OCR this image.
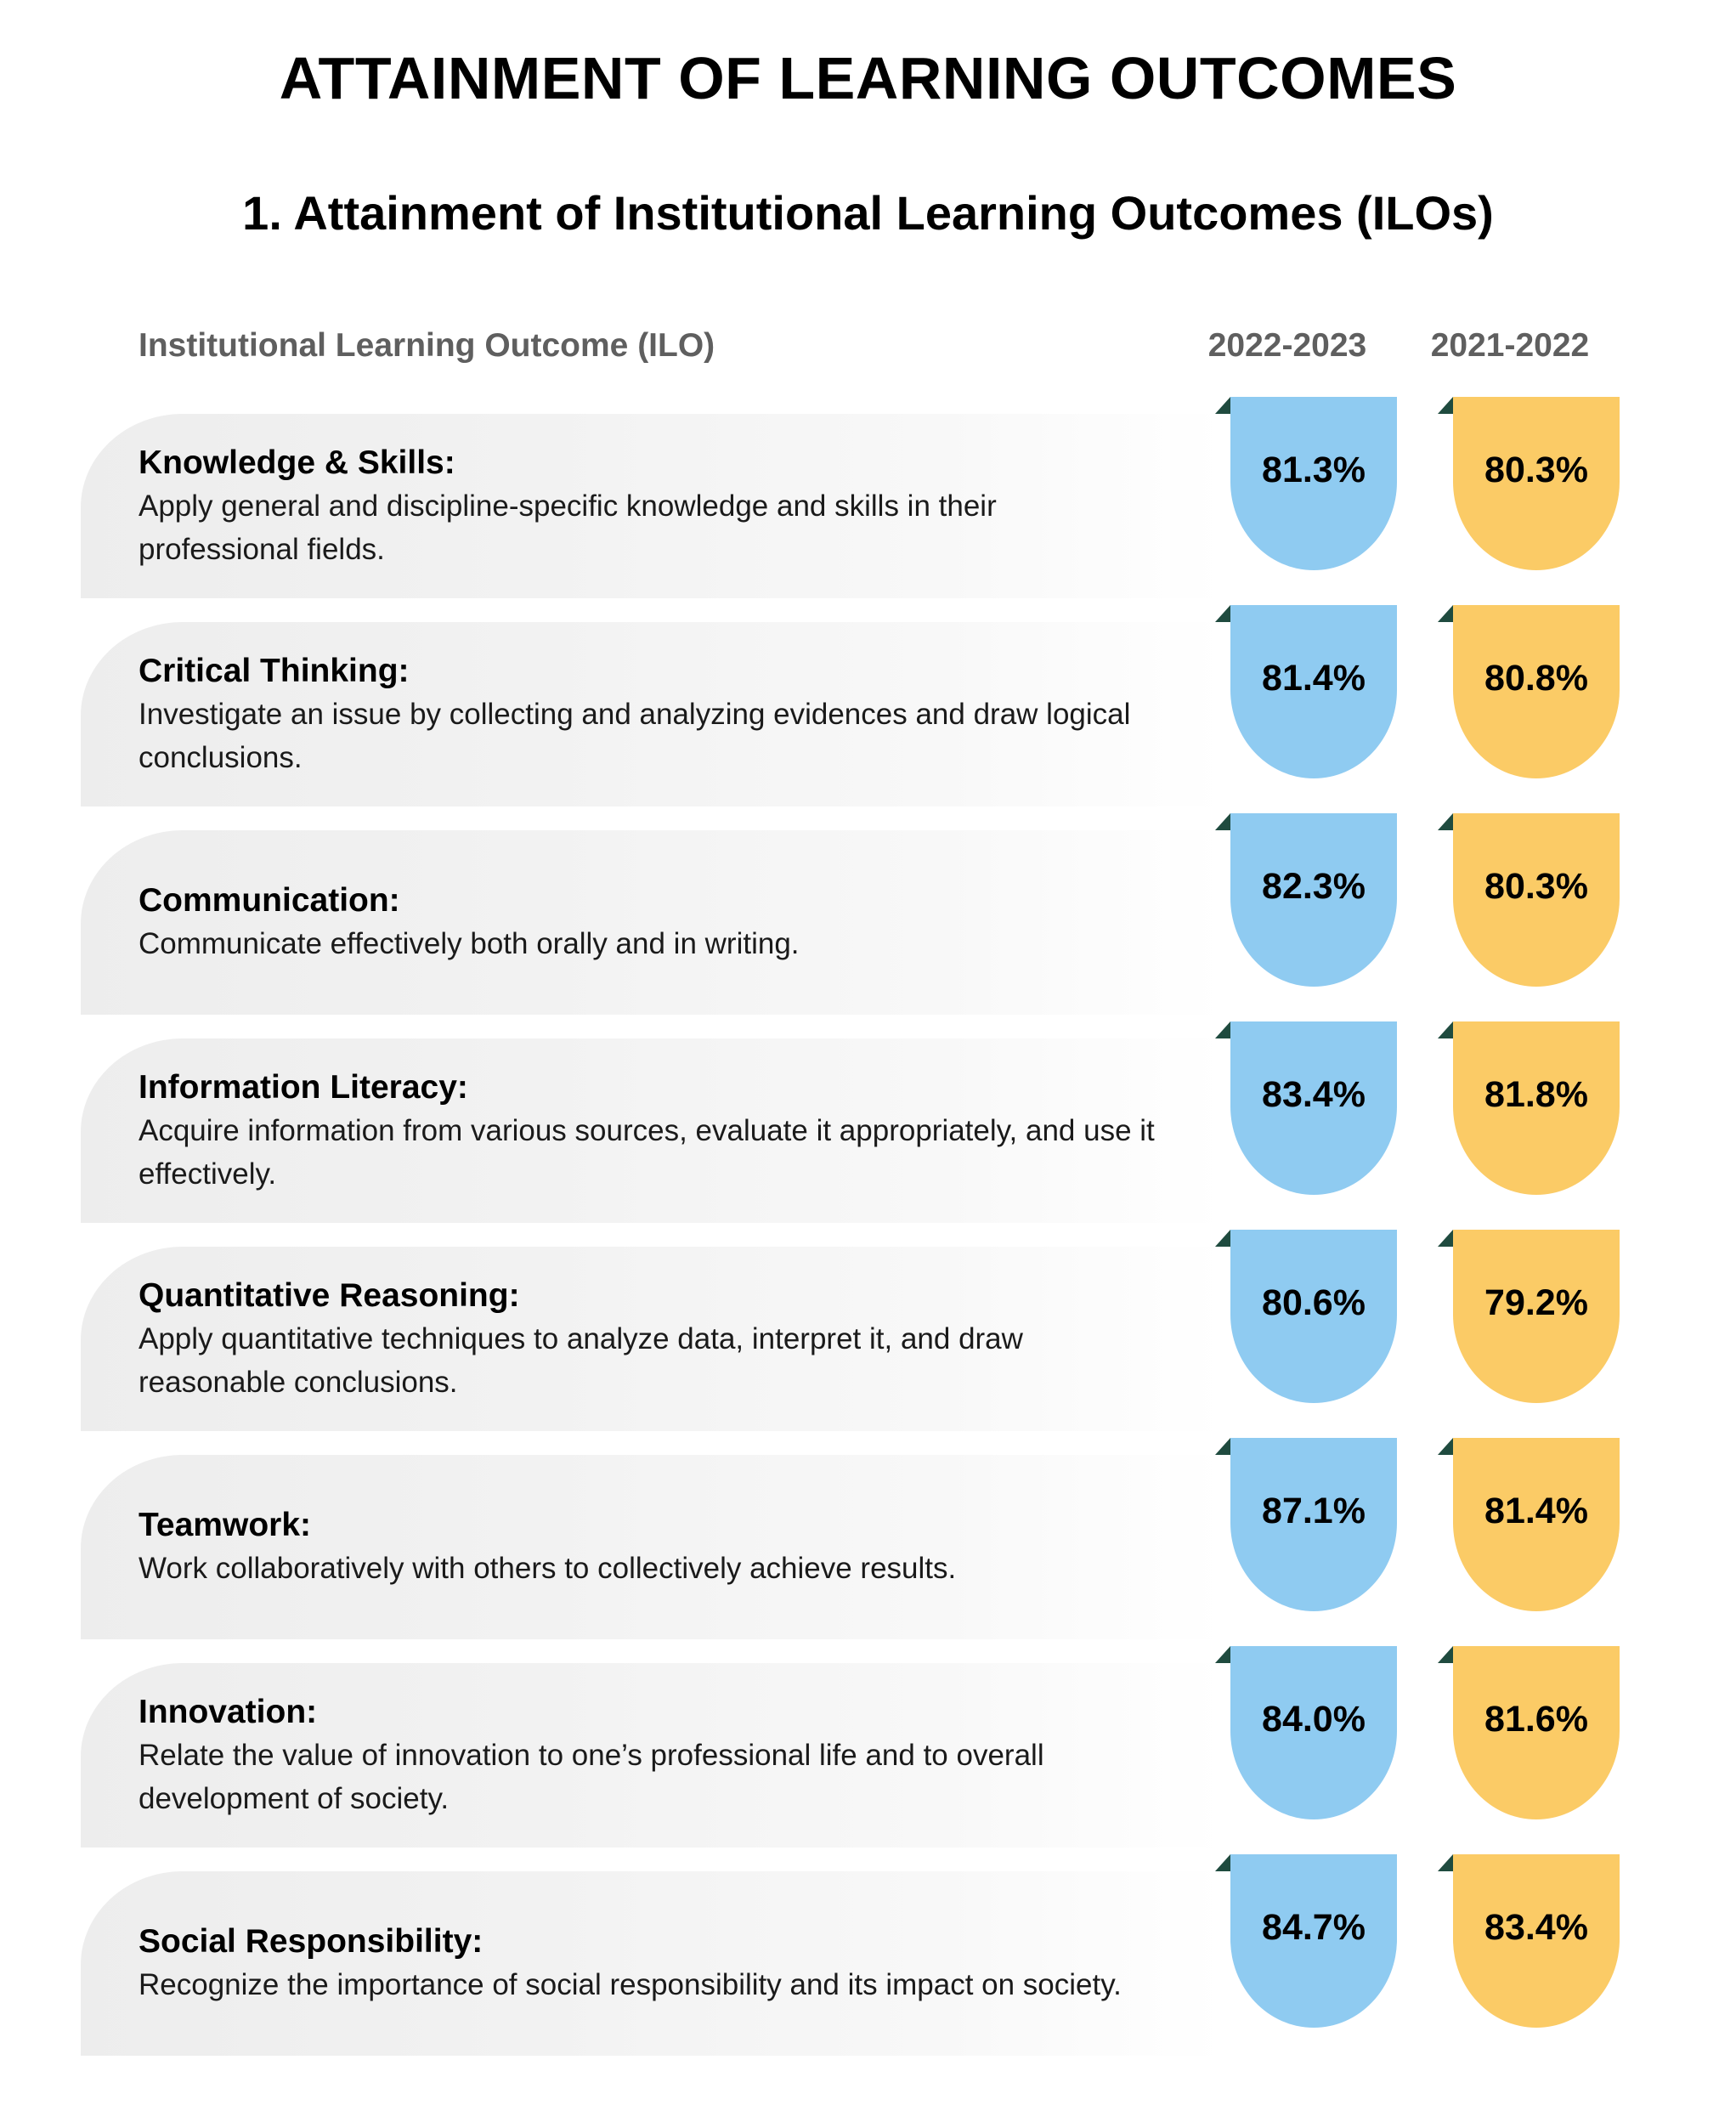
ATTAINMENT OF LEARNING OUTCOMES
1. Attainment of Institutional Learning Outcomes (ILOs)
Institutional Learning Outcome (ILO)	2022-2023	2021-2022
Knowledge & Skills:
Apply general and discipline-specific knowledge and skills in their professional fields.
81.3%	80.3%
Critical Thinking:
Investigate an issue by collecting and analyzing evidences and draw logical conclusions.
81.4%	80.8%
Communication:
Communicate effectively both orally and in writing.
82.3%	80.3%
Information Literacy:
Acquire information from various sources, evaluate it appropriately, and use it effectively.
83.4%	81.8%
Quantitative Reasoning:
Apply quantitative techniques to analyze data, interpret it, and draw reasonable conclusions.
80.6%	79.2%
Teamwork:
Work collaboratively with others to collectively achieve results.
87.1%	81.4%
Innovation:
Relate the value of innovation to one’s professional life and to overall development of society.
84.0%	81.6%
Social Responsibility:
Recognize the importance of social responsibility and its impact on society.
84.7%	83.4%
